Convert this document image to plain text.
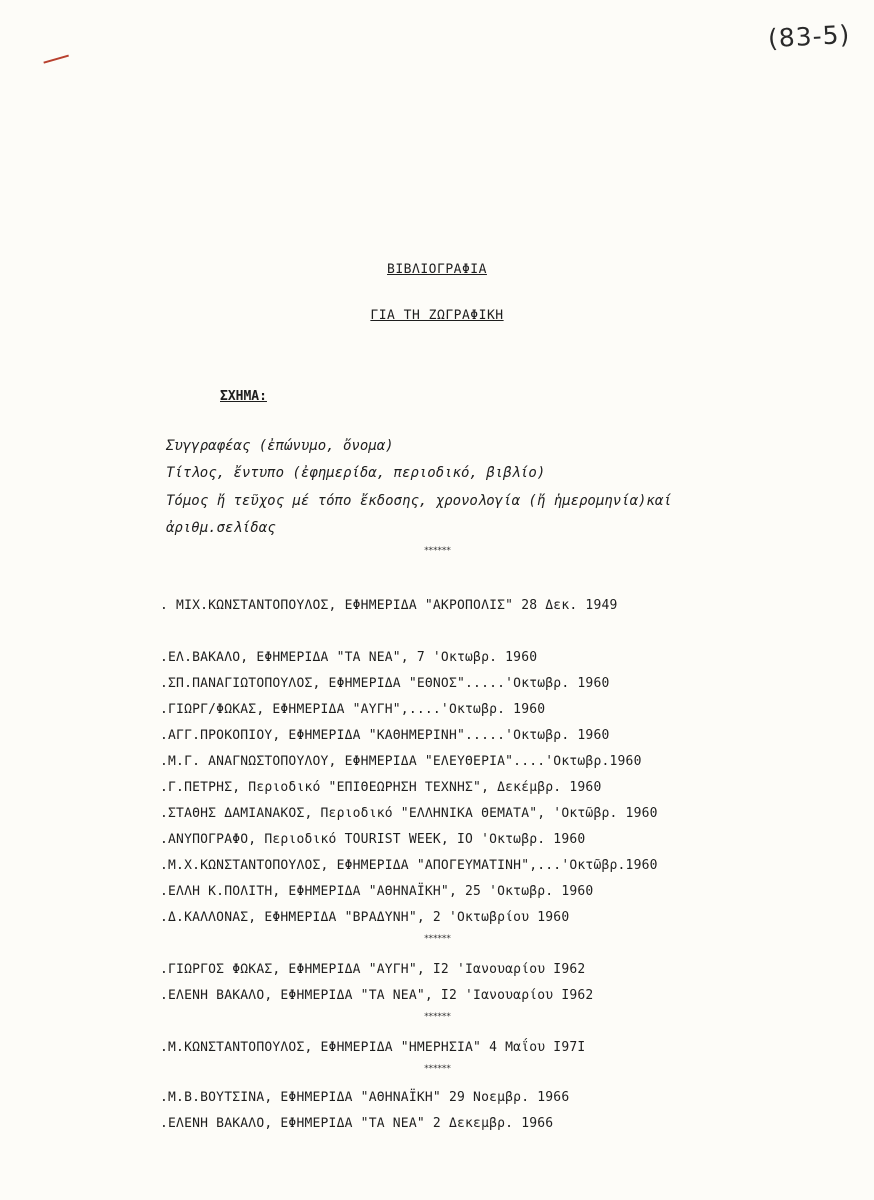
(83-5)
ΒΙΒΛΙΟΓΡΑΦΙΑ
ΓΙΑ ΤΗ ΖΩΓΡΑΦΙΚΗ
ΣΧΗΜΑ:
Συγγραφέας (ἐπώνυμο, ὄνομα)
Τίτλος, ἔντυπο (ἐφημερίδα, περιοδικό, βιβλίο)
Τόμος ἤ τεῦχος μέ τόπο ἔκδοσης, χρονολογία (ἤ ἡμερομηνία)καί
ἀριθμ.σελίδας
******
. ΜΙΧ.ΚΩΝΣΤΑΝΤΟΠΟΥΛΟΣ, ΕΦΗΜΕΡΙΔΑ "ΑΚΡΟΠΟΛΙΣ" 28 Δεκ. 1949
.ΕΛ.ΒΑΚΑΛΟ, ΕΦΗΜΕΡΙΔΑ "ΤΑ ΝΕΑ", 7 'Οκτωβρ. 1960
.ΣΠ.ΠΑΝΑΓΙΩΤΟΠΟΥΛΟΣ, ΕΦΗΜΕΡΙΔΑ "ΕΘΝΟΣ".....'Οκτωβρ. 1960
.ΓΙΩΡΓ/ΦΩΚΑΣ, ΕΦΗΜΕΡΙΔΑ "ΑΥΓΗ",....'Οκτωβρ. 1960
.ΑΓΓ.ΠΡΟΚΟΠΙΟΥ, ΕΦΗΜΕΡΙΔΑ "ΚΑΘΗΜΕΡΙΝΗ".....'Οκτωβρ. 1960
.Μ.Γ. ΑΝΑΓΝΩΣΤΟΠΟΥΛΟΥ, ΕΦΗΜΕΡΙΔΑ "ΕΛΕΥΘΕΡΙΑ"....'Οκτωβρ.1960
.Γ.ΠΕΤΡΗΣ, Περιοδικό "ΕΠΙΘΕΩΡΗΣΗ ΤΕΧΝΗΣ", Δεκέμβρ. 1960
.ΣΤΑΘΗΣ ΔΑΜΙΑΝΑΚΟΣ, Περιοδικό "ΕΛΛΗΝΙΚΑ ΘΕΜΑΤΑ", 'Οκτῶβρ. 1960
.ΑΝΥΠΟΓΡΑΦΟ, Περιοδικό TOURIST WEEK, IO 'Οκτωβρ. 1960
.Μ.Χ.ΚΩΝΣΤΑΝΤΟΠΟΥΛΟΣ, ΕΦΗΜΕΡΙΔΑ "ΑΠΟΓΕΥΜΑΤΙΝΗ",...'Οκτῶβρ.1960
.ΕΛΛΗ Κ.ΠΟΛΙΤΗ, ΕΦΗΜΕΡΙΔΑ "ΑΘΗΝΑΪΚΗ", 25 'Οκτωβρ. 1960
.Δ.ΚΑΛΛΟΝΑΣ, ΕΦΗΜΕΡΙΔΑ "ΒΡΑΔΥΝΗ", 2 'Οκτωβρίου 1960
******
.ΓΙΩΡΓΟΣ ΦΩΚΑΣ, ΕΦΗΜΕΡΙΔΑ "ΑΥΓΗ", I2 'Ιανουαρίου I962
.ΕΛΕΝΗ ΒΑΚΑΛΟ, ΕΦΗΜΕΡΙΔΑ "ΤΑ ΝΕΑ", I2 'Ιανουαρίου I962
******
.Μ.ΚΩΝΣΤΑΝΤΟΠΟΥΛΟΣ, ΕΦΗΜΕΡΙΔΑ "ΗΜΕΡΗΣΙΑ" 4 Μαΐου I97I
******
.Μ.Β.ΒΟΥΤΣΙΝΑ, ΕΦΗΜΕΡΙΔΑ "ΑΘΗΝΑΪΚΗ" 29 Νοεμβρ. 1966
.ΕΛΕΝΗ ΒΑΚΑΛΟ, ΕΦΗΜΕΡΙΔΑ "ΤΑ ΝΕΑ" 2 Δεκεμβρ. 1966
